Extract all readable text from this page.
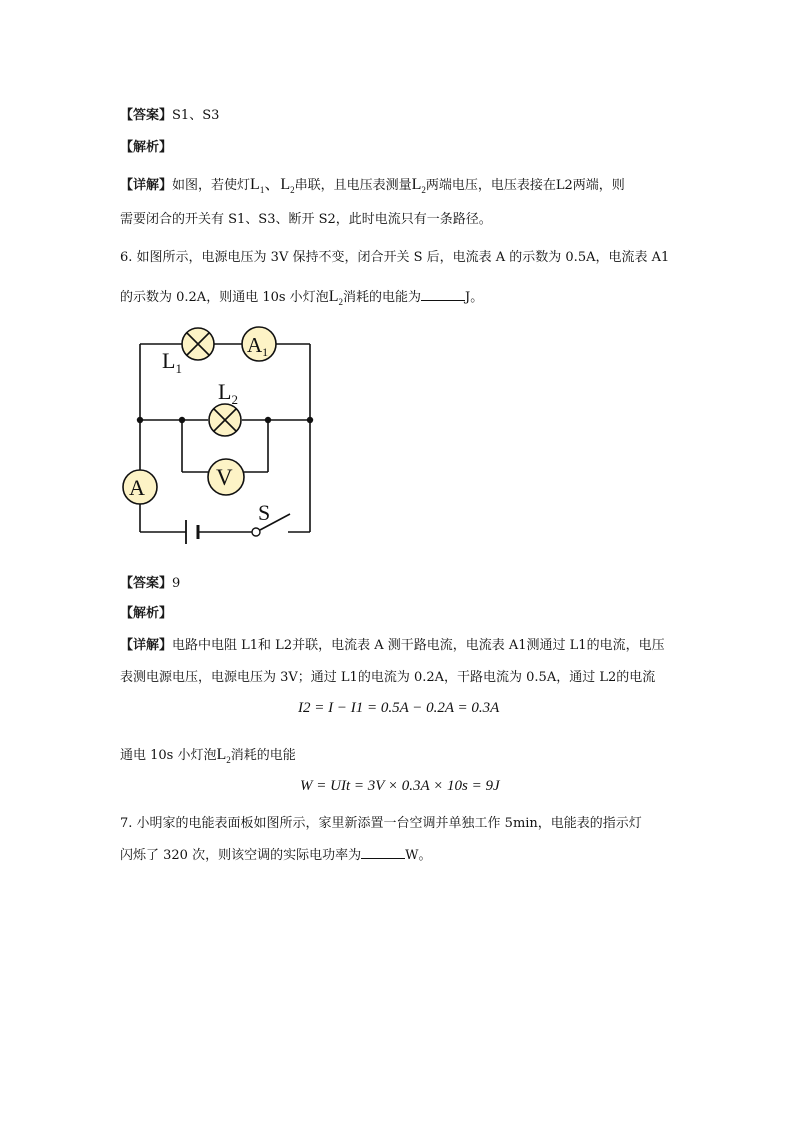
【答案】S1、S3
【解析】
【详解】如图，若使灯$L_1$、$L_2$串联，且电压表测量$L_2$两端电压，电压表接在L2两端，则
需要闭合的开关有 S1、S3、断开 S2，此时电流只有一条路径。
6. 如图所示，电源电压为 3V 保持不变，闭合开关 S 后，电流表 A 的示数为 0.5A，电流表 A1
的示数为 0.2A，则通电 10s 小灯泡$L_2$消耗的电能为	J。
$L_1$
A1
$L_2$
V
A
S
【答案】9
【解析】
【详解】电路中电阻 L1和 L2并联，电流表 A 测干路电流，电流表 A1测通过 L1的电流，电压
表测电源电压，电源电压为 3V；通过 L1的电流为 0.2A，干路电流为 0.5A，通过 L2的电流
I2 = I − I1 = 0.5A − 0.2A = 0.3A
通电 10s 小灯泡$L_2$消耗的电能
W = UIt = 3V × 0.3A × 10s = 9J
7. 小明家的电能表面板如图所示，家里新添置一台空调并单独工作 5min，电能表的指示灯
闪烁了 320 次，则该空调的实际电功率为	W。
